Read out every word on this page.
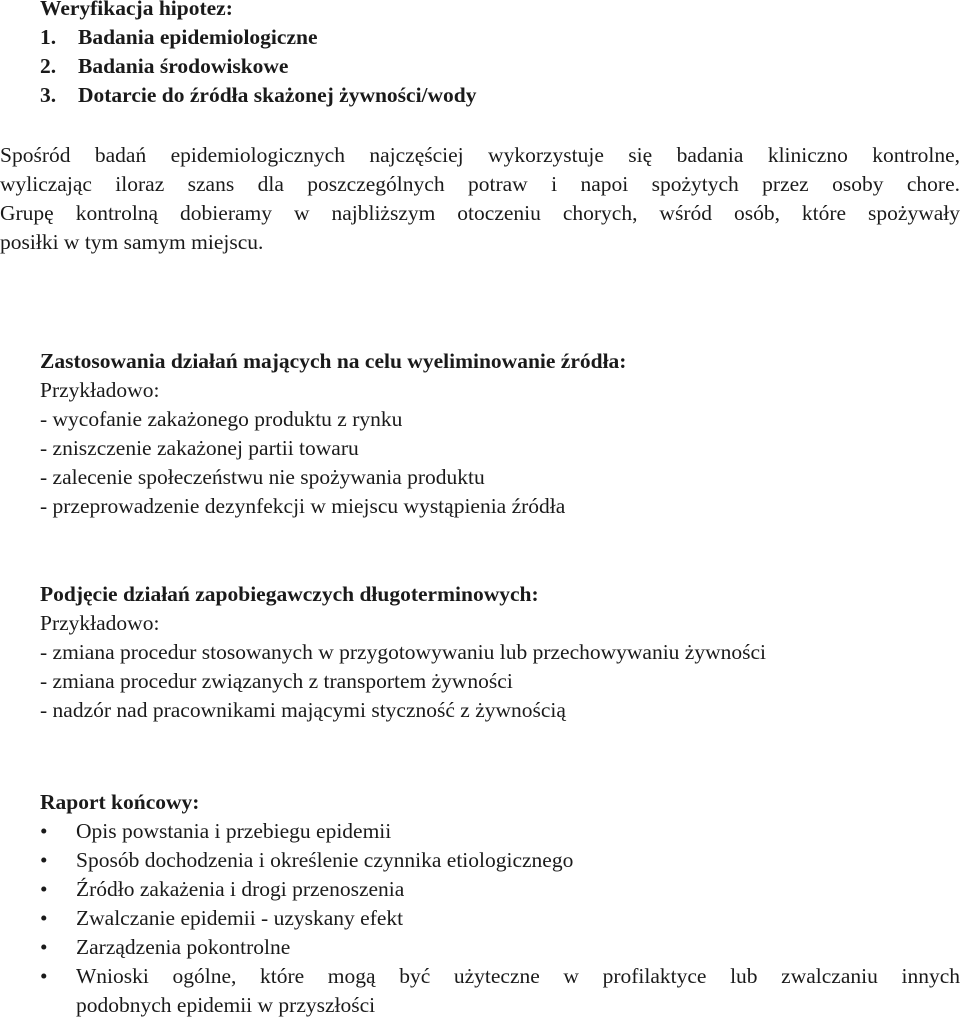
Weryfikacja hipotez:
1.	Badania epidemiologiczne
2.	Badania środowiskowe
3.	Dotarcie do źródła skażonej żywności/wody
Spośród badań epidemiologicznych najczęściej wykorzystuje się badania kliniczno kontrolne,
wyliczając iloraz szans dla poszczególnych potraw i napoi spożytych przez osoby chore.
Grupę kontrolną dobieramy w najbliższym otoczeniu chorych, wśród osób, które spożywały
posiłki w tym samym miejscu.
Zastosowania działań mających na celu wyeliminowanie źródła:
Przykładowo:
- wycofanie zakażonego produktu z rynku
- zniszczenie zakażonej partii towaru
- zalecenie społeczeństwu nie spożywania produktu
- przeprowadzenie dezynfekcji w miejscu wystąpienia źródła
Podjęcie działań zapobiegawczych długoterminowych:
Przykładowo:
- zmiana procedur stosowanych w przygotowywaniu lub przechowywaniu żywności
- zmiana procedur związanych z transportem żywności
- nadzór nad pracownikami mającymi styczność z żywnością
Raport końcowy:
•	Opis powstania i przebiegu epidemii
•	Sposób dochodzenia i określenie czynnika etiologicznego
•	Źródło zakażenia i drogi przenoszenia
•	Zwalczanie epidemii - uzyskany efekt
•	Zarządzenia pokontrolne
•	Wnioski ogólne, które mogą być użyteczne w profilaktyce lub zwalczaniu innych
podobnych epidemii w przyszłości
